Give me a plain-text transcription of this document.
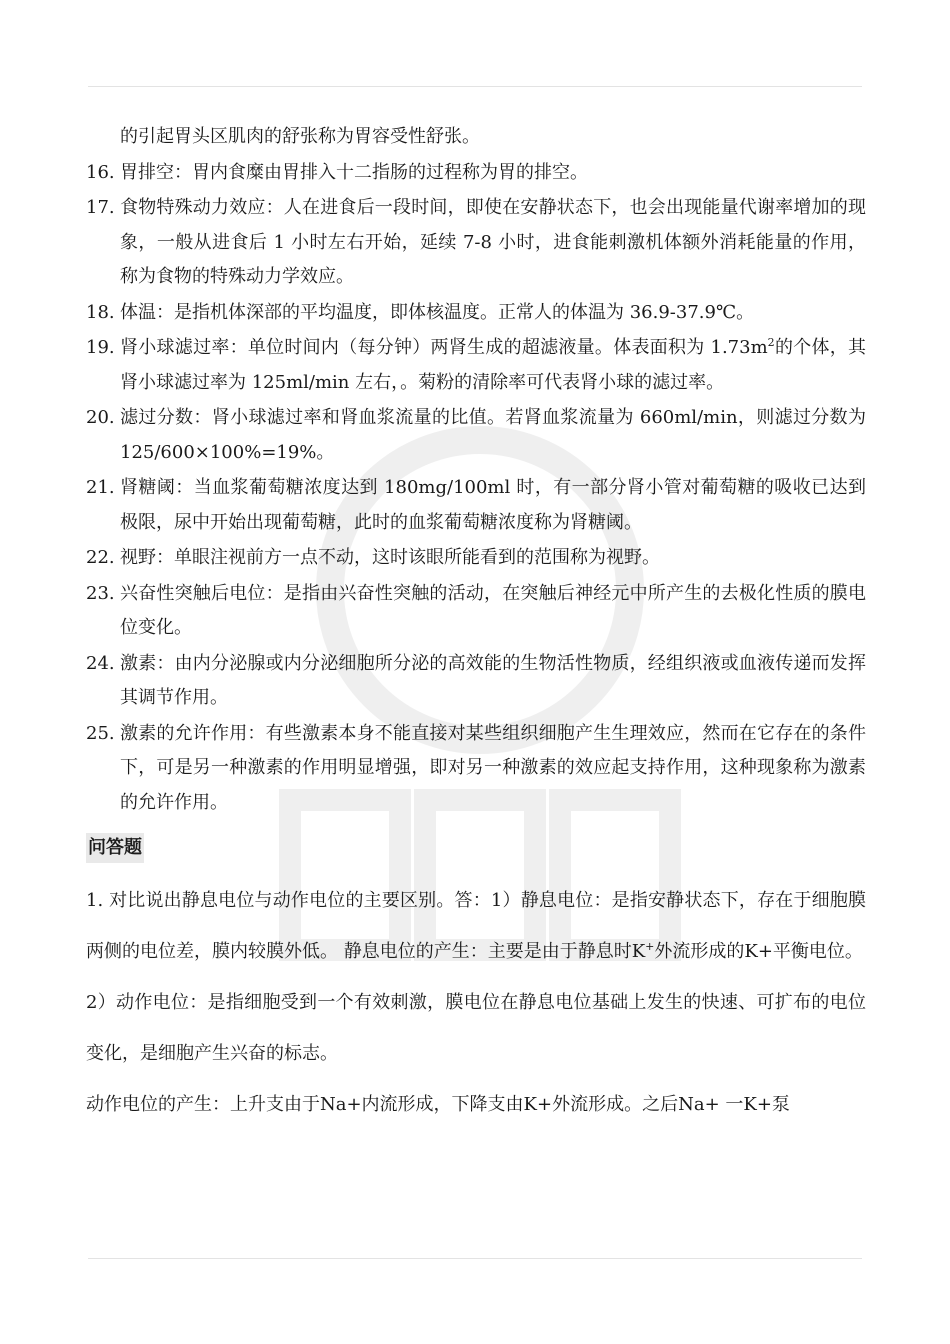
的引起胃头区肌肉的舒张称为胃容受性舒张。
16. 胃排空：胃内食糜由胃排入十二指肠的过程称为胃的排空。
17. 食物特殊动力效应：人在进食后一段时间，即使在安静状态下，也会出现能量代谢率增加的现象，一般从进食后 1 小时左右开始，延续 7-8 小时，进食能刺激机体额外消耗能量的作用，称为食物的特殊动力学效应。
18. 体温：是指机体深部的平均温度，即体核温度。正常人的体温为 36.9-37.9℃。
19. 肾小球滤过率：单位时间内（每分钟）两肾生成的超滤液量。体表面积为 $1.73m^2$的个体，其肾小球滤过率为 125ml/min 左右，。菊粉的清除率可代表肾小球的滤过率。
20. 滤过分数：肾小球滤过率和肾血浆流量的比值。若肾血浆流量为 660ml/min，则滤过分数为 125/600×100%=19%。
21. 肾糖阈：当血浆葡萄糖浓度达到 180mg/100ml 时，有一部分肾小管对葡萄糖的吸收已达到极限，尿中开始出现葡萄糖，此时的血浆葡萄糖浓度称为肾糖阈。
22. 视野：单眼注视前方一点不动，这时该眼所能看到的范围称为视野。
23. 兴奋性突触后电位：是指由兴奋性突触的活动，在突触后神经元中所产生的去极化性质的膜电位变化。
24. 激素：由内分泌腺或内分泌细胞所分泌的高效能的生物活性物质，经组织液或血液传递而发挥其调节作用。
25. 激素的允许作用：有些激素本身不能直接对某些组织细胞产生生理效应，然而在它存在的条件下，可是另一种激素的作用明显增强，即对另一种激素的效应起支持作用，这种现象称为激素的允许作用。
问答题

1. 对比说出静息电位与动作电位的主要区别。答：1）静息电位：是指安静状态下，存在于细胞膜两侧的电位差，膜内较膜外低。 静息电位的产生：主要是由于静息时K+外流形成的K+平衡电位。

2）动作电位：是指细胞受到一个有效刺激，膜电位在静息电位基础上发生的快速、可扩布的电位变化，是细胞产生兴奋的标志。

动作电位的产生：上升支由于Na+内流形成，下降支由K+外流形成。之后Na+ 一K+泵
